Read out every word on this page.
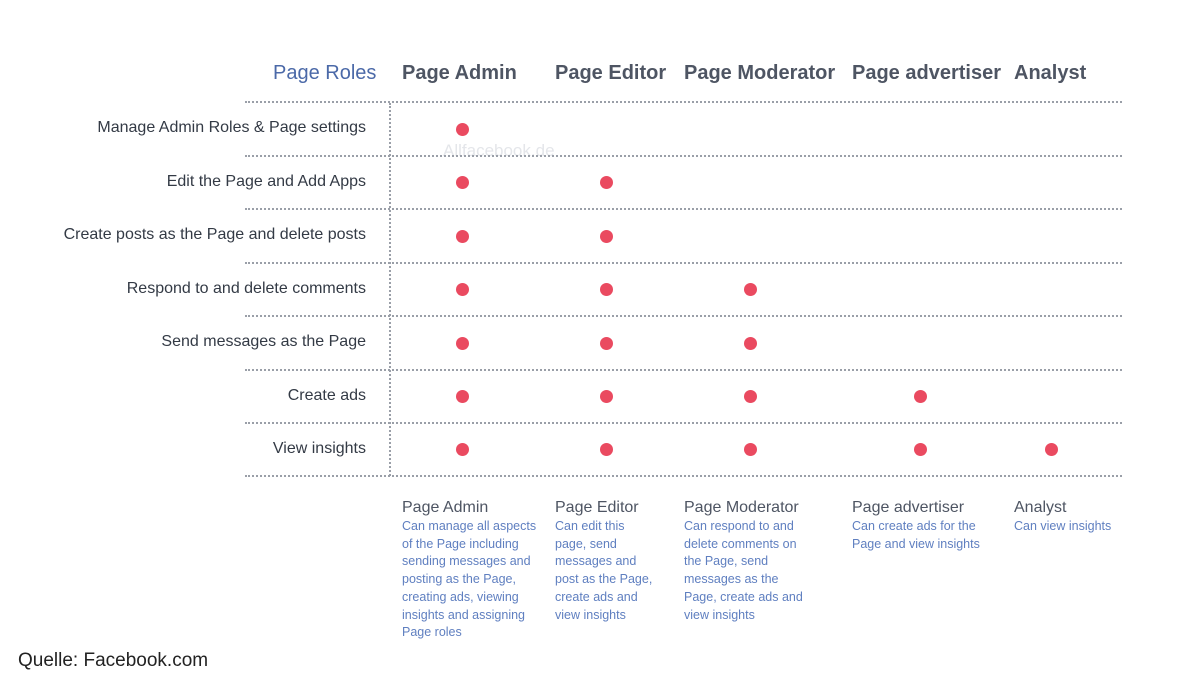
Page Roles Page Admin Page Editor Page Moderator Page advertiser Analyst
Allfacebook.de
Manage Admin Roles & Page settings
Edit the Page and Add Apps
Create posts as the Page and delete posts
Respond to and delete comments
Send messages as the Page
Create ads
View insights
Page Admin
Can manage all aspects
of the Page including
sending messages and
posting as the Page,
creating ads, viewing
insights and assigning
Page roles
Page Editor
Can edit this
page, send
messages and
post as the Page,
create ads and
view insights
Page Moderator
Can respond to and
delete comments on
the Page, send
messages as the
Page, create ads and
view insights
Page advertiser
Can create ads for the
Page and view insights
Analyst
Can view insights
Quelle: Facebook.com
